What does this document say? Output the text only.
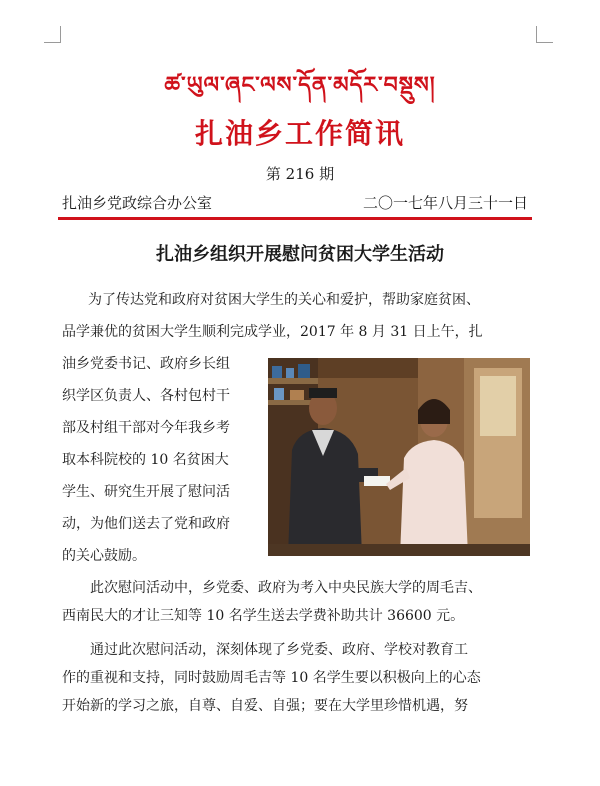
ཚ་ཡུལ་ཞང་ལས་དོན་མདོར་བསྡུས།
扎油乡工作简讯
第 216 期
扎油乡党政综合办公室	二〇一七年八月三十一日
扎油乡组织开展慰问贫困大学生活动
为了传达党和政府对贫困大学生的关心和爱护，帮助家庭贫困、
品学兼优的贫困大学生顺利完成学业，2017 年 8 月 31 日上午，扎
油乡党委书记、政府乡长组
织学区负责人、各村包村干
部及村组干部对今年我乡考
取本科院校的 10 名贫困大
学生、研究生开展了慰问活
动，为他们送去了党和政府
的关心鼓励。
此次慰问活动中，乡党委、政府为考入中央民族大学的周毛吉、
西南民大的才让三知等 10 名学生送去学费补助共计 36600 元。
通过此次慰问活动，深刻体现了乡党委、政府、学校对教育工
作的重视和支持，同时鼓励周毛吉等 10 名学生要以积极向上的心态
开始新的学习之旅，自尊、自爱、自强；要在大学里珍惜机遇，努
